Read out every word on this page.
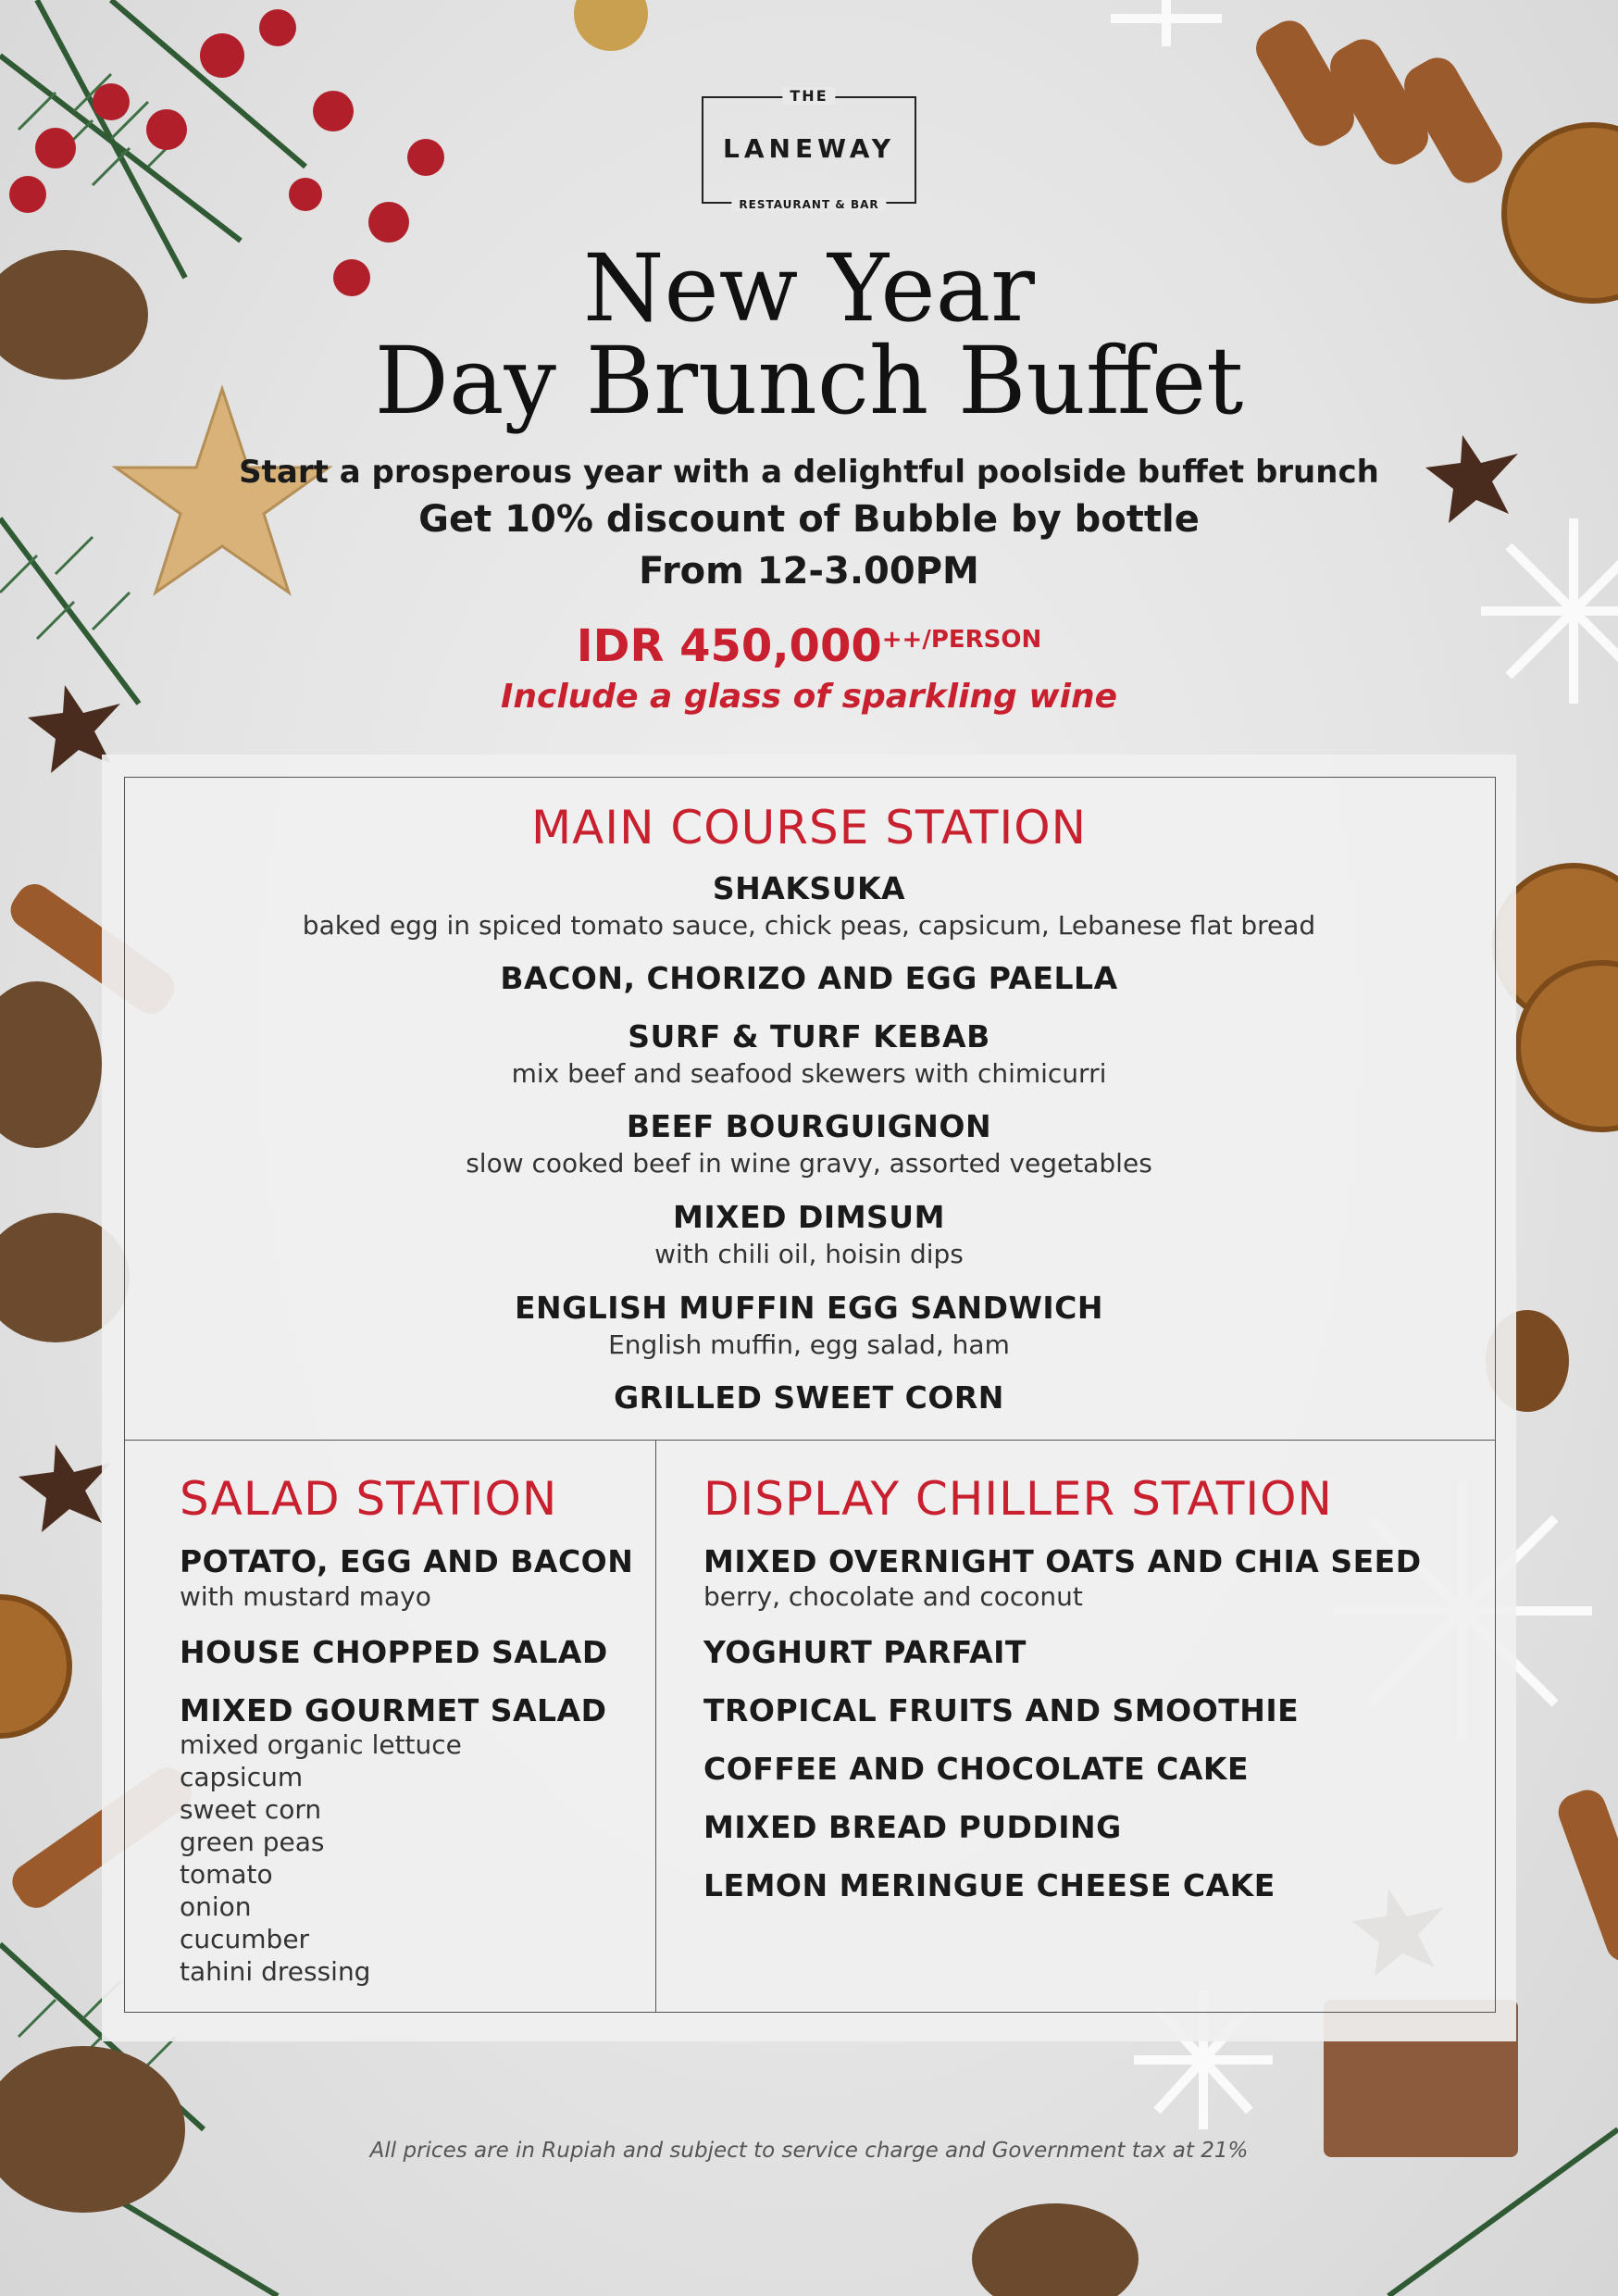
THE
LANEWAY
RESTAURANT & BAR
New Year
Day Brunch Buffet
Start a prosperous year with a delightful poolside buffet brunch
Get 10% discount of Bubble by bottle
From 12-3.00PM
IDR $450,000^{++/PERSON}$
Include a glass of sparkling wine
MAIN COURSE STATION
SHAKSUKA
baked egg in spiced tomato sauce, chick peas, capsicum, Lebanese flat bread
BACON, CHORIZO AND EGG PAELLA
SURF & TURF KEBAB
mix beef and seafood skewers with chimicurri
BEEF BOURGUIGNON
slow cooked beef in wine gravy, assorted vegetables
MIXED DIMSUM
with chili oil, hoisin dips
ENGLISH MUFFIN EGG SANDWICH
English muffin, egg salad, ham
GRILLED SWEET CORN
SALAD STATION
POTATO, EGG AND BACON
with mustard mayo
HOUSE CHOPPED SALAD
MIXED GOURMET SALAD
mixed organic lettuce
capsicum
sweet corn
green peas
tomato
onion
cucumber
tahini dressing
DISPLAY CHILLER STATION
MIXED OVERNIGHT OATS AND CHIA SEED
berry, chocolate and coconut
YOGHURT PARFAIT
TROPICAL FRUITS AND SMOOTHIE
COFFEE AND CHOCOLATE CAKE
MIXED BREAD PUDDING
LEMON MERINGUE CHEESE CAKE
All prices are in Rupiah and subject to service charge and Government tax at 21%
